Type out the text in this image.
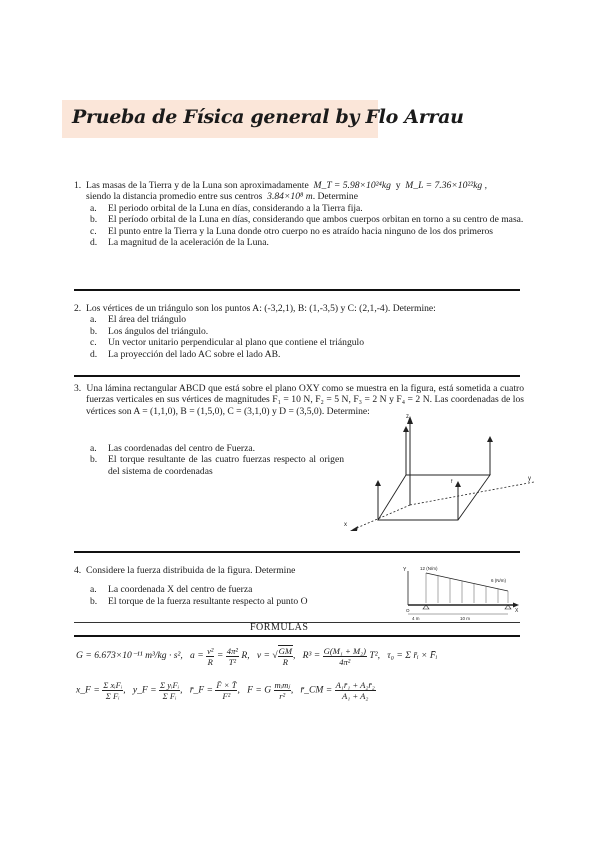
Prueba de Física general by Flo Arrau

1. Las masas de la Tierra y de la Luna son aproximadamente M_T = 5.98×10²⁴kg y M_L = 7.36×10²²kg ,

siendo la distancia promedio entre sus centros 3.84×10⁸ m. Determine

a. El periodo orbital de la Luna en días, considerando a la Tierra fija.
b. El período orbital de la Luna en días, considerando que ambos cuerpos orbitan en torno a su centro de masa.
c. El punto entre la Tierra y la Luna donde otro cuerpo no es atraído hacia ninguno de los dos primeros
d. La magnitud de la aceleración de la Luna.

2. Los vértices de un triángulo son los puntos A: (-3,2,1), B: (1,-3,5) y C: (2,1,-4). Determine:

a. El área del triángulo
b. Los ángulos del triángulo.
c. Un vector unitario perpendicular al plano que contiene el triángulo
d. La proyección del lado AC sobre el lado AB.

3. Una lámina rectangular ABCD que está sobre el plano OXY como se muestra en la figura, está sometida a cuatro fuerzas verticales en sus vértices de magnitudes F₁ = 10 N, F₂ = 5 N, F₃ = 2 N y F₄ = 2 N. Las coordenadas de los vértices son A = (1,1,0), B = (1,5,0), C = (3,1,0) y D = (3,5,0). Determine:

a. Las coordenadas del centro de Fuerza.
b. El torque resultante de las cuatro fuerzas respecto al origen del sistema de coordenadas
z
y
x
f

4. Considere la fuerza distribuida de la figura. Determine

a. La coordenada X del centro de fuerza
b. El torque de la fuerza resultante respecto al punto O
Y
X
12 (N/m)
6 (N/m)
O
4 m	10 m
FORMULAS
G = 6.673×10⁻¹¹ m³/kg · s², $a = \frac{\text{v²}}{R} = \frac{\text{4π²}}{\text{T²}} R$, v = √ $\frac{GM}{R}$ ,   $R^3 = \frac{\text{G(M₁ + M₂)}}{\text{4π²}} T^2$, τ₀ = Σ r̄ᵢ × F̄ᵢ
x_F = $\frac{\text{Σ xᵢFᵢ}}{\text{Σ Fᵢ}}$ ,   y_F = $\frac{\text{Σ yᵢFᵢ}}{\text{Σ Fᵢ}}$ ,   r̄_F = $\frac{F̄ \times T̄}{\text{F²}}$ ,   F = G $\frac{\text{mᵢmⱼ}}{\text{r²}}$ ,   r̄_CM = $\frac{\text{A₁r̄₁ + A₂r̄₂}}{\text{A₁ + A₂}}$
